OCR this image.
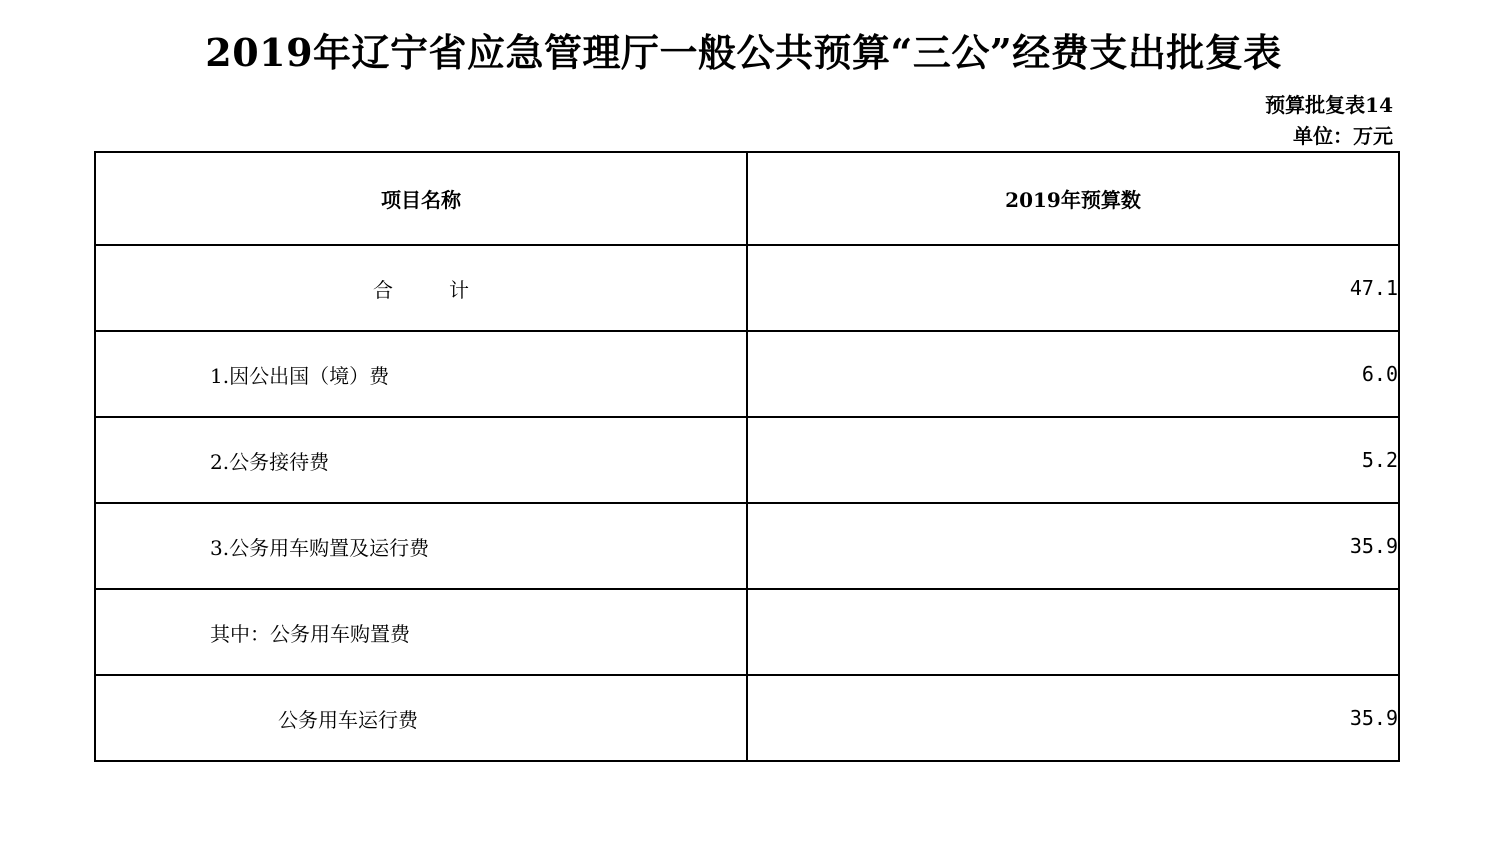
2019年辽宁省应急管理厅一般公共预算“三公”经费支出批复表
预算批复表14
单位：万元
项目名称	2019年预算数
合 计	47.1
1.因公出国（境）费	6.0
2.公务接待费	5.2
3.公务用车购置及运行费	35.9
其中：公务用车购置费	
公务用车运行费	35.9
